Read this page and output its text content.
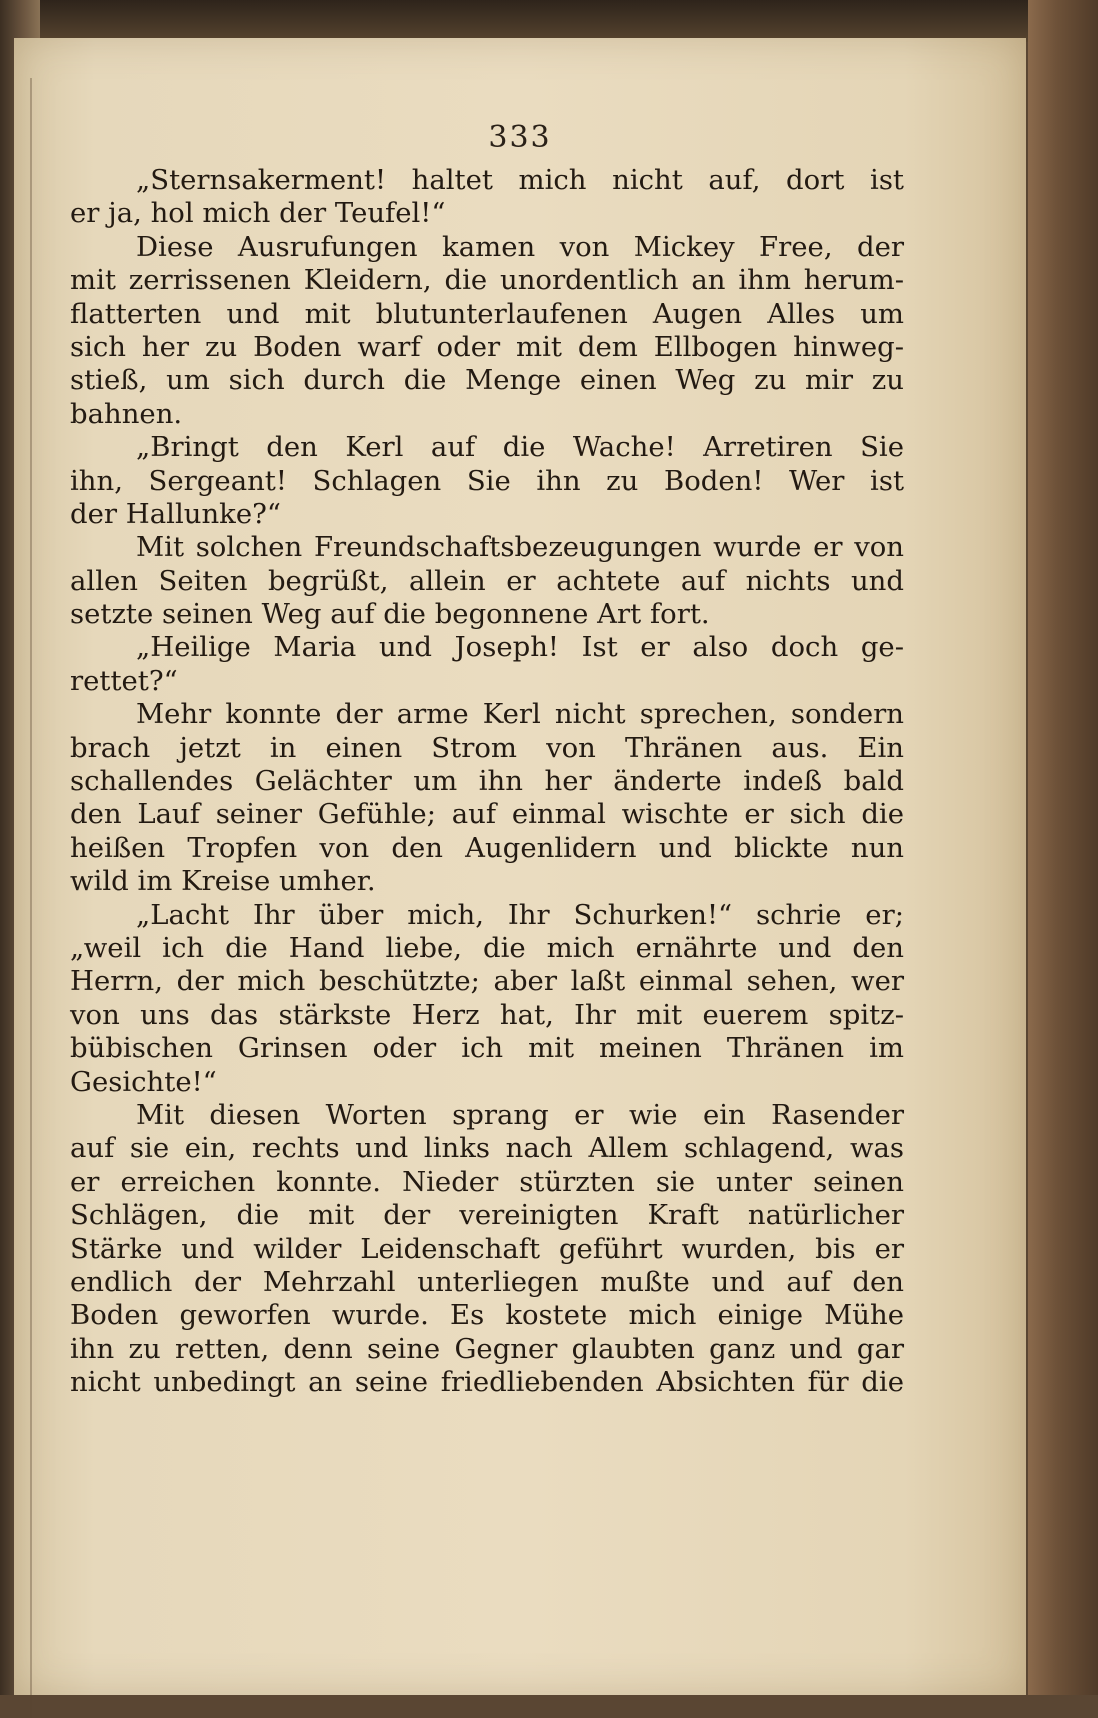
333
„Sternsakerment! haltet mich nicht auf, dort ist
er ja, hol mich der Teufel!“
Diese Ausrufungen kamen von Mickey Free, der
mit zerrissenen Kleidern, die unordentlich an ihm herum-
flatterten und mit blutunterlaufenen Augen Alles um
sich her zu Boden warf oder mit dem Ellbogen hinweg-
stieß, um sich durch die Menge einen Weg zu mir zu
bahnen.
„Bringt den Kerl auf die Wache! Arretiren Sie
ihn, Sergeant! Schlagen Sie ihn zu Boden! Wer ist
der Hallunke?“
Mit solchen Freundschaftsbezeugungen wurde er von
allen Seiten begrüßt, allein er achtete auf nichts und
setzte seinen Weg auf die begonnene Art fort.
„Heilige Maria und Joseph! Ist er also doch ge-
rettet?“
Mehr konnte der arme Kerl nicht sprechen, sondern
brach jetzt in einen Strom von Thränen aus. Ein
schallendes Gelächter um ihn her änderte indeß bald
den Lauf seiner Gefühle; auf einmal wischte er sich die
heißen Tropfen von den Augenlidern und blickte nun
wild im Kreise umher.
„Lacht Ihr über mich, Ihr Schurken!“ schrie er;
„weil ich die Hand liebe, die mich ernährte und den
Herrn, der mich beschützte; aber laßt einmal sehen, wer
von uns das stärkste Herz hat, Ihr mit euerem spitz-
bübischen Grinsen oder ich mit meinen Thränen im
Gesichte!“
Mit diesen Worten sprang er wie ein Rasender
auf sie ein, rechts und links nach Allem schlagend, was
er erreichen konnte. Nieder stürzten sie unter seinen
Schlägen, die mit der vereinigten Kraft natürlicher
Stärke und wilder Leidenschaft geführt wurden, bis er
endlich der Mehrzahl unterliegen mußte und auf den
Boden geworfen wurde. Es kostete mich einige Mühe
ihn zu retten, denn seine Gegner glaubten ganz und gar
nicht unbedingt an seine friedliebenden Absichten für die
